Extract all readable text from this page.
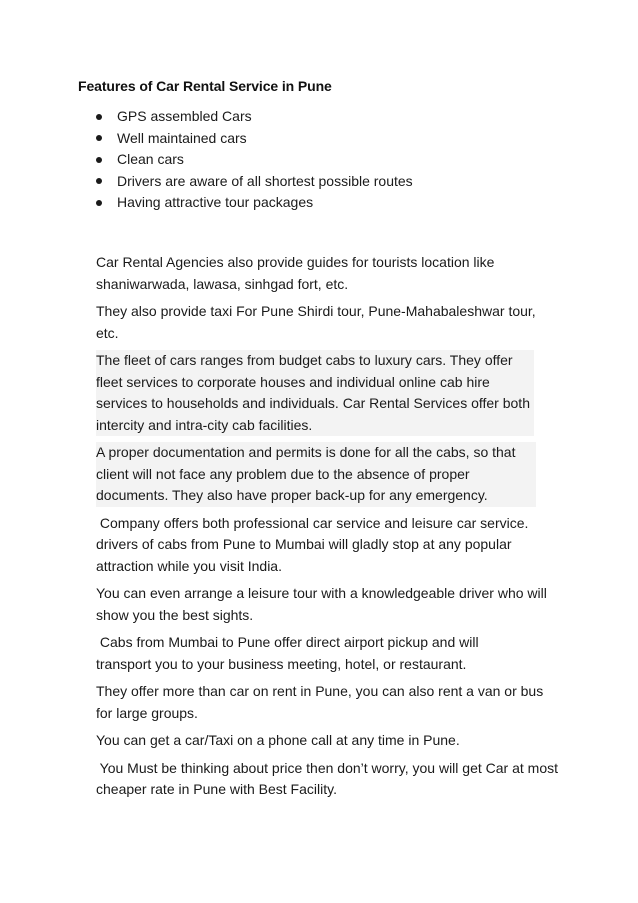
Features of Car Rental Service in Pune
GPS assembled Cars
Well maintained cars
Clean cars
Drivers are aware of all shortest possible routes
Having attractive tour packages

Car Rental Agencies also provide guides for tourists location like shaniwarwada, lawasa, sinhgad fort, etc.

They also provide taxi For Pune Shirdi tour, Pune-Mahabaleshwar tour, etc.

The fleet of cars ranges from budget cabs to luxury cars. They offer fleet services to corporate houses and individual online cab hire services to households and individuals. Car Rental Services offer both intercity and intra-city cab facilities.

A proper documentation and permits is done for all the cabs, so that client will not face any problem due to the absence of proper documents. They also have proper back-up for any emergency.

Company offers both professional car service and leisure car service. drivers of cabs from Pune to Mumbai will gladly stop at any popular attraction while you visit India.

You can even arrange a leisure tour with a knowledgeable driver who will show you the best sights.

Cabs from Mumbai to Pune offer direct airport pickup and will transport you to your business meeting, hotel, or restaurant.

They offer more than car on rent in Pune, you can also rent a van or bus for large groups.

You can get a car/Taxi on a phone call at any time in Pune.

You Must be thinking about price then don’t worry, you will get Car at most cheaper rate in Pune with Best Facility.
